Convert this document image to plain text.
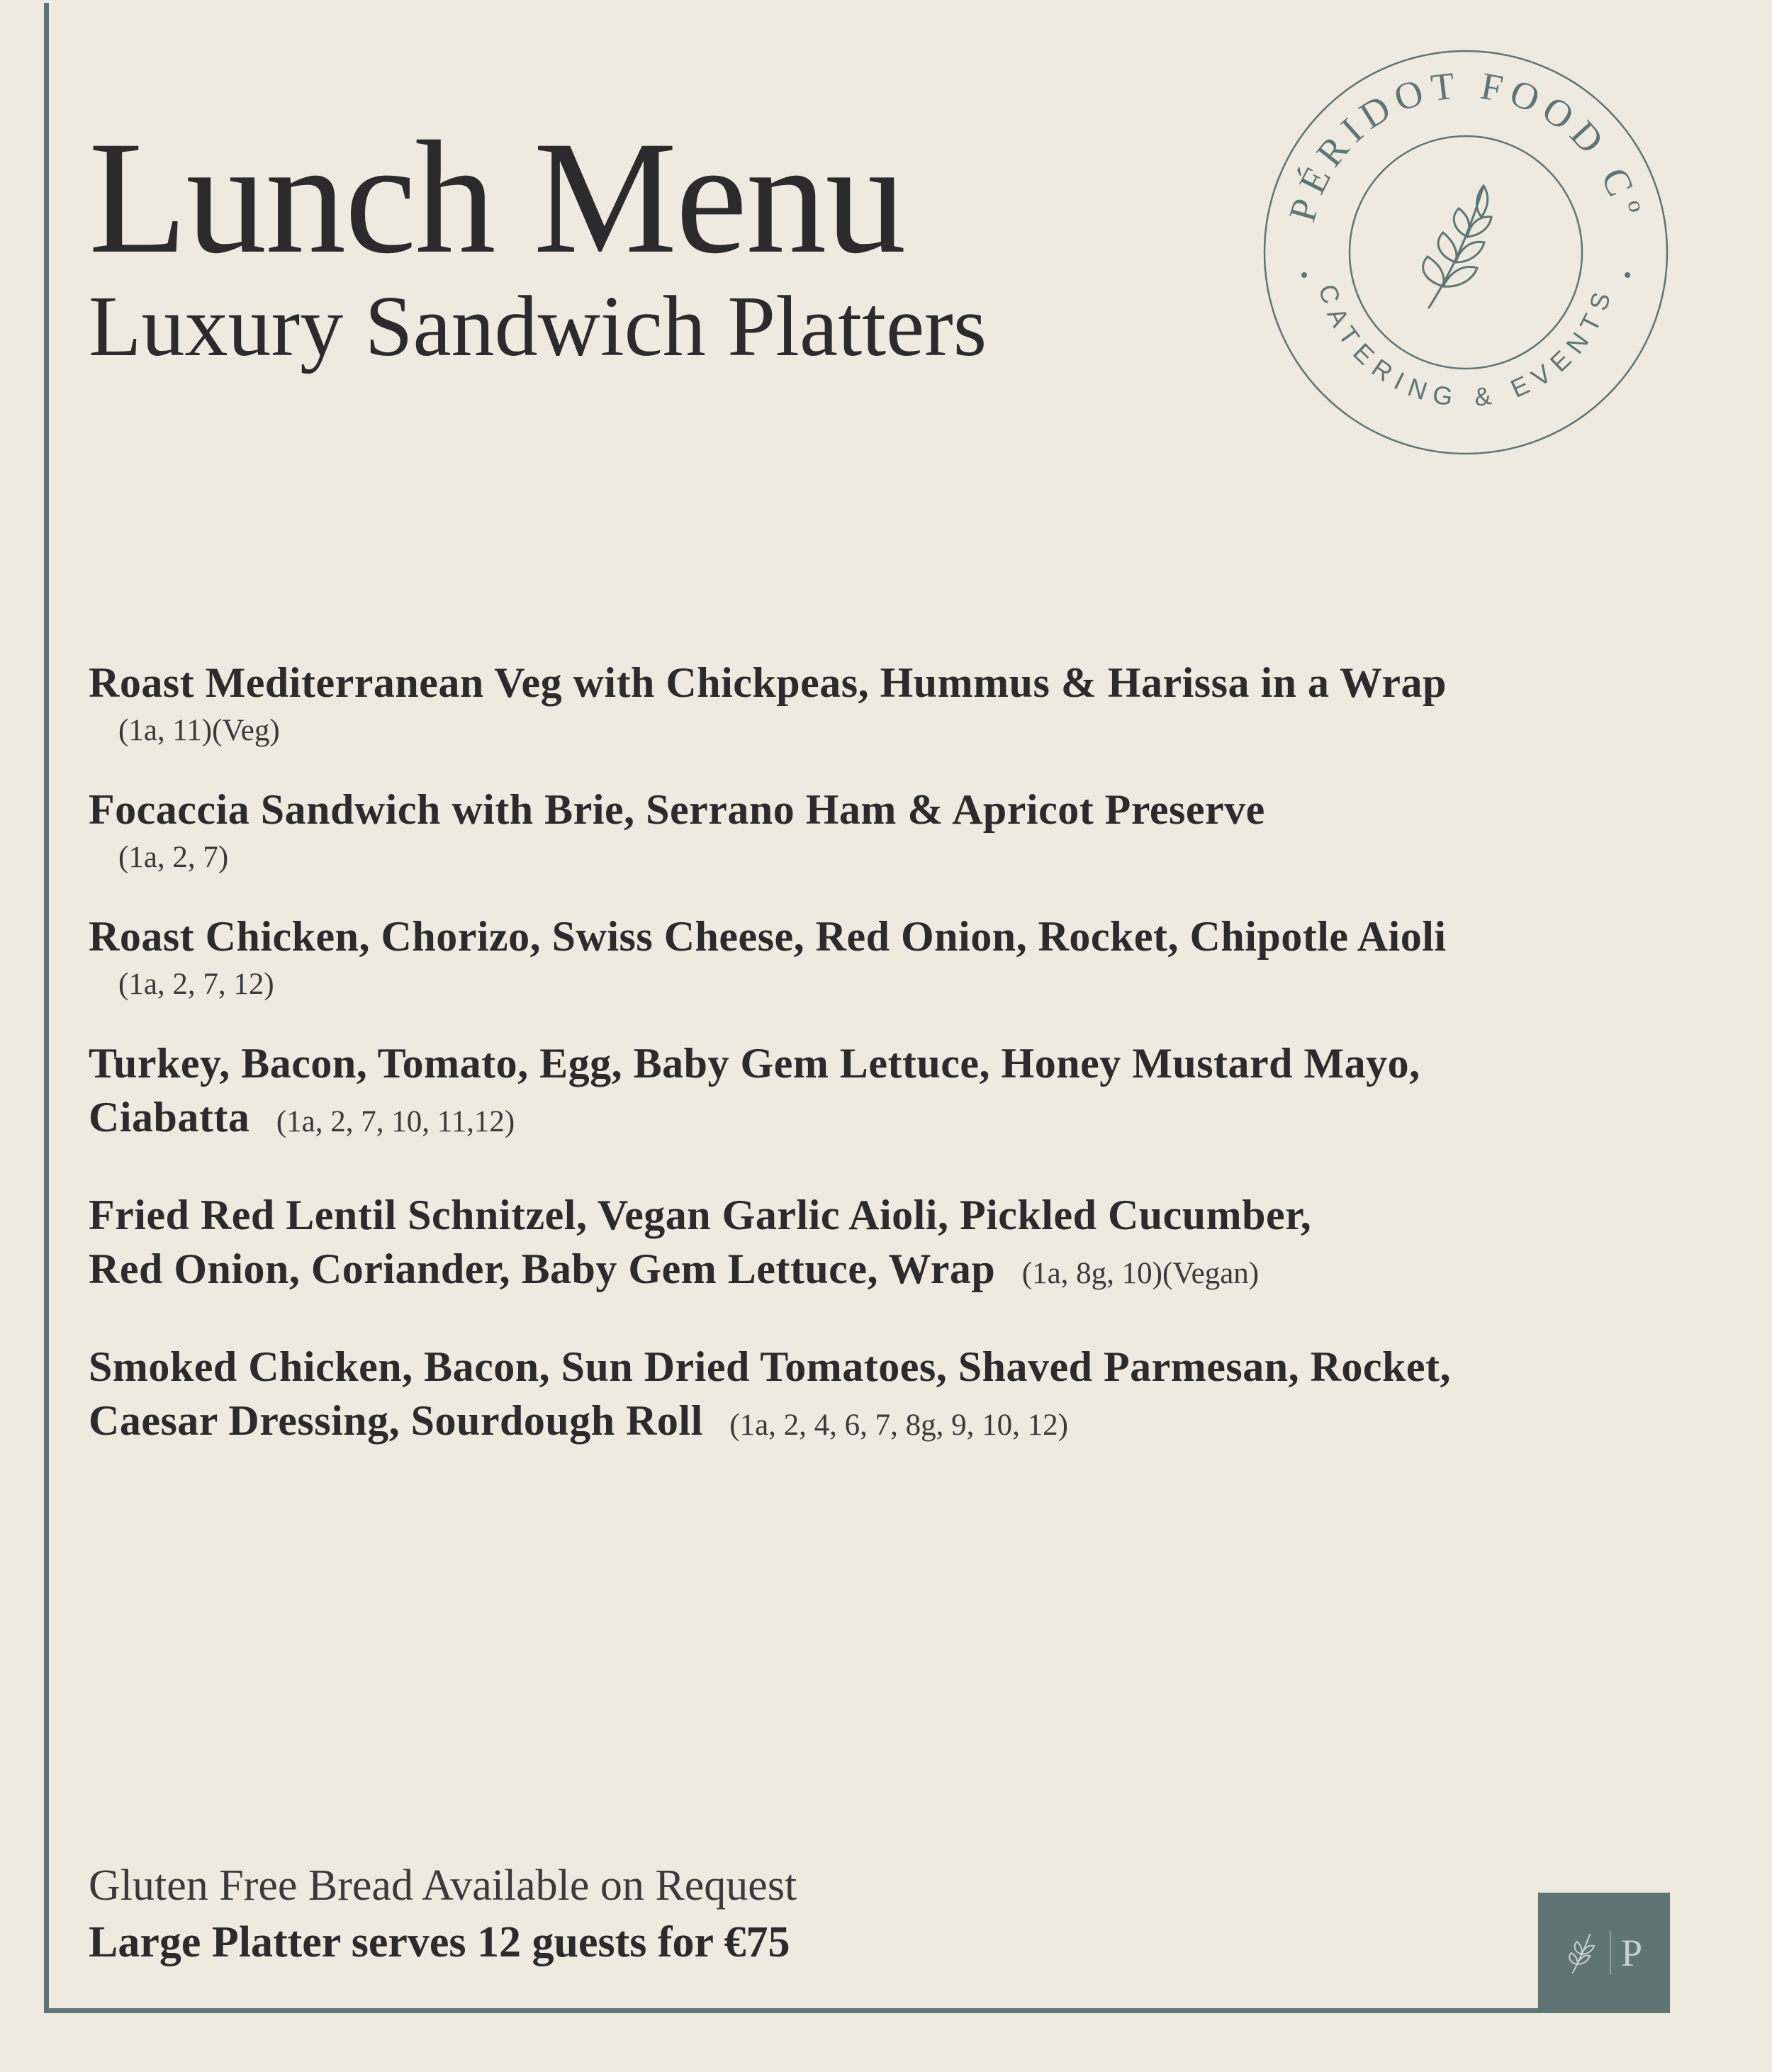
Lunch Menu
Luxury Sandwich Platters
PÉRIDOT FOOD Cº
CATERING & EVENTS

Roast Mediterranean Veg with Chickpeas, Hummus & Harissa in a Wrap
(1a, 11)(Veg)

Focaccia Sandwich with Brie, Serrano Ham & Apricot Preserve
(1a, 2, 7)

Roast Chicken, Chorizo, Swiss Cheese, Red Onion, Rocket, Chipotle Aioli
(1a, 2, 7, 12)

Turkey, Bacon, Tomato, Egg, Baby Gem Lettuce, Honey Mustard Mayo,
Ciabatta (1a, 2, 7, 10, 11,12)

Fried Red Lentil Schnitzel, Vegan Garlic Aioli, Pickled Cucumber,
Red Onion, Coriander, Baby Gem Lettuce, Wrap (1a, 8g, 10)(Vegan)

Smoked Chicken, Bacon, Sun Dried Tomatoes, Shaved Parmesan, Rocket,
Caesar Dressing, Sourdough Roll (1a, 2, 4, 6, 7, 8g, 9, 10, 12)

Gluten Free Bread Available on Request
Large Platter serves 12 guests for €75	P
